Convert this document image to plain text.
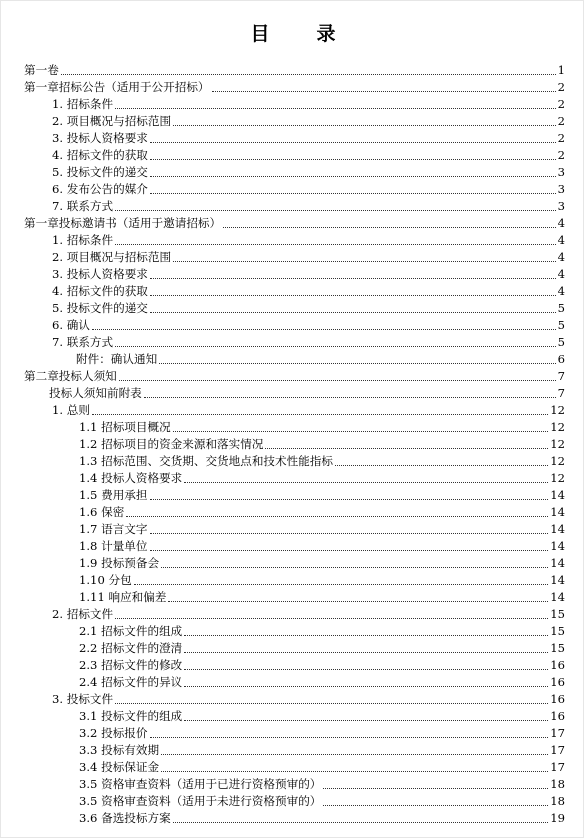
目　录
第一卷	1
第一章招标公告（适用于公开招标）	2
1. 招标条件	2
2. 项目概况与招标范围	2
3. 投标人资格要求	2
4. 招标文件的获取	2
5. 投标文件的递交	3
6. 发布公告的媒介	3
7. 联系方式	3
第一章投标邀请书（适用于邀请招标）	4
1. 招标条件	4
2. 项目概况与招标范围	4
3. 投标人资格要求	4
4. 招标文件的获取	4
5. 投标文件的递交	5
6. 确认	5
7. 联系方式	5
附件：确认通知	6
第二章投标人须知	7
投标人须知前附表	7
1. 总则	12
1.1 招标项目概况	12
1.2 招标项目的资金来源和落实情况	12
1.3 招标范围、交货期、交货地点和技术性能指标	12
1.4 投标人资格要求	12
1.5 费用承担	14
1.6 保密	14
1.7 语言文字	14
1.8 计量单位	14
1.9 投标预备会	14
1.10 分包	14
1.11 响应和偏差	14
2. 招标文件	15
2.1 招标文件的组成	15
2.2 招标文件的澄清	15
2.3 招标文件的修改	16
2.4 招标文件的异议	16
3. 投标文件	16
3.1 投标文件的组成	16
3.2 投标报价	17
3.3 投标有效期	17
3.4 投标保证金	17
3.5 资格审查资料（适用于已进行资格预审的）	18
3.5 资格审查资料（适用于未进行资格预审的）	18
3.6 备选投标方案	19
